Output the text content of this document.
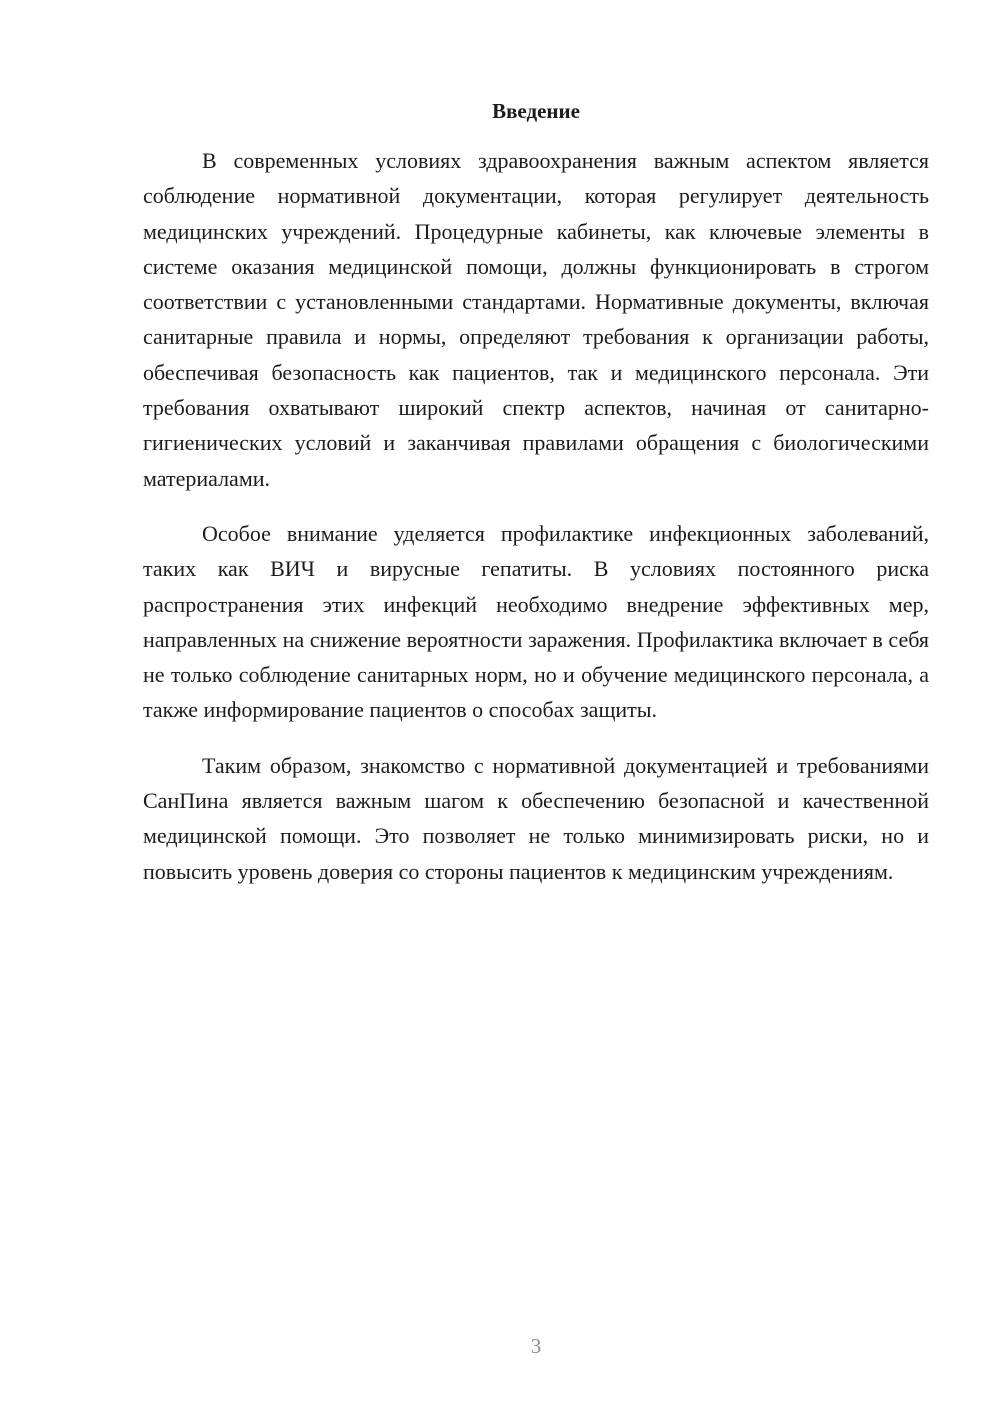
Введение

В современных условиях здравоохранения важным аспектом является соблюдение нормативной документации, которая регулирует деятельность медицинских учреждений. Процедурные кабинеты, как ключевые элементы в системе оказания медицинской помощи, должны функционировать в строгом соответствии с установленными стандартами. Нормативные документы, включая санитарные правила и нормы, определяют требования к организации работы, обеспечивая безопасность как пациентов, так и медицинского персонала. Эти требования охватывают широкий спектр аспектов, начиная от санитарно-гигиенических условий и заканчивая правилами обращения с биологическими материалами.

Особое внимание уделяется профилактике инфекционных заболеваний, таких как ВИЧ и вирусные гепатиты. В условиях постоянного риска распространения этих инфекций необходимо внедрение эффективных мер, направленных на снижение вероятности заражения. Профилактика включает в себя не только соблюдение санитарных норм, но и обучение медицинского персонала, а также информирование пациентов о способах защиты.

Таким образом, знакомство с нормативной документацией и требованиями СанПина является важным шагом к обеспечению безопасной и качественной медицинской помощи. Это позволяет не только минимизировать риски, но и повысить уровень доверия со стороны пациентов к медицинским учреждениям.

3
